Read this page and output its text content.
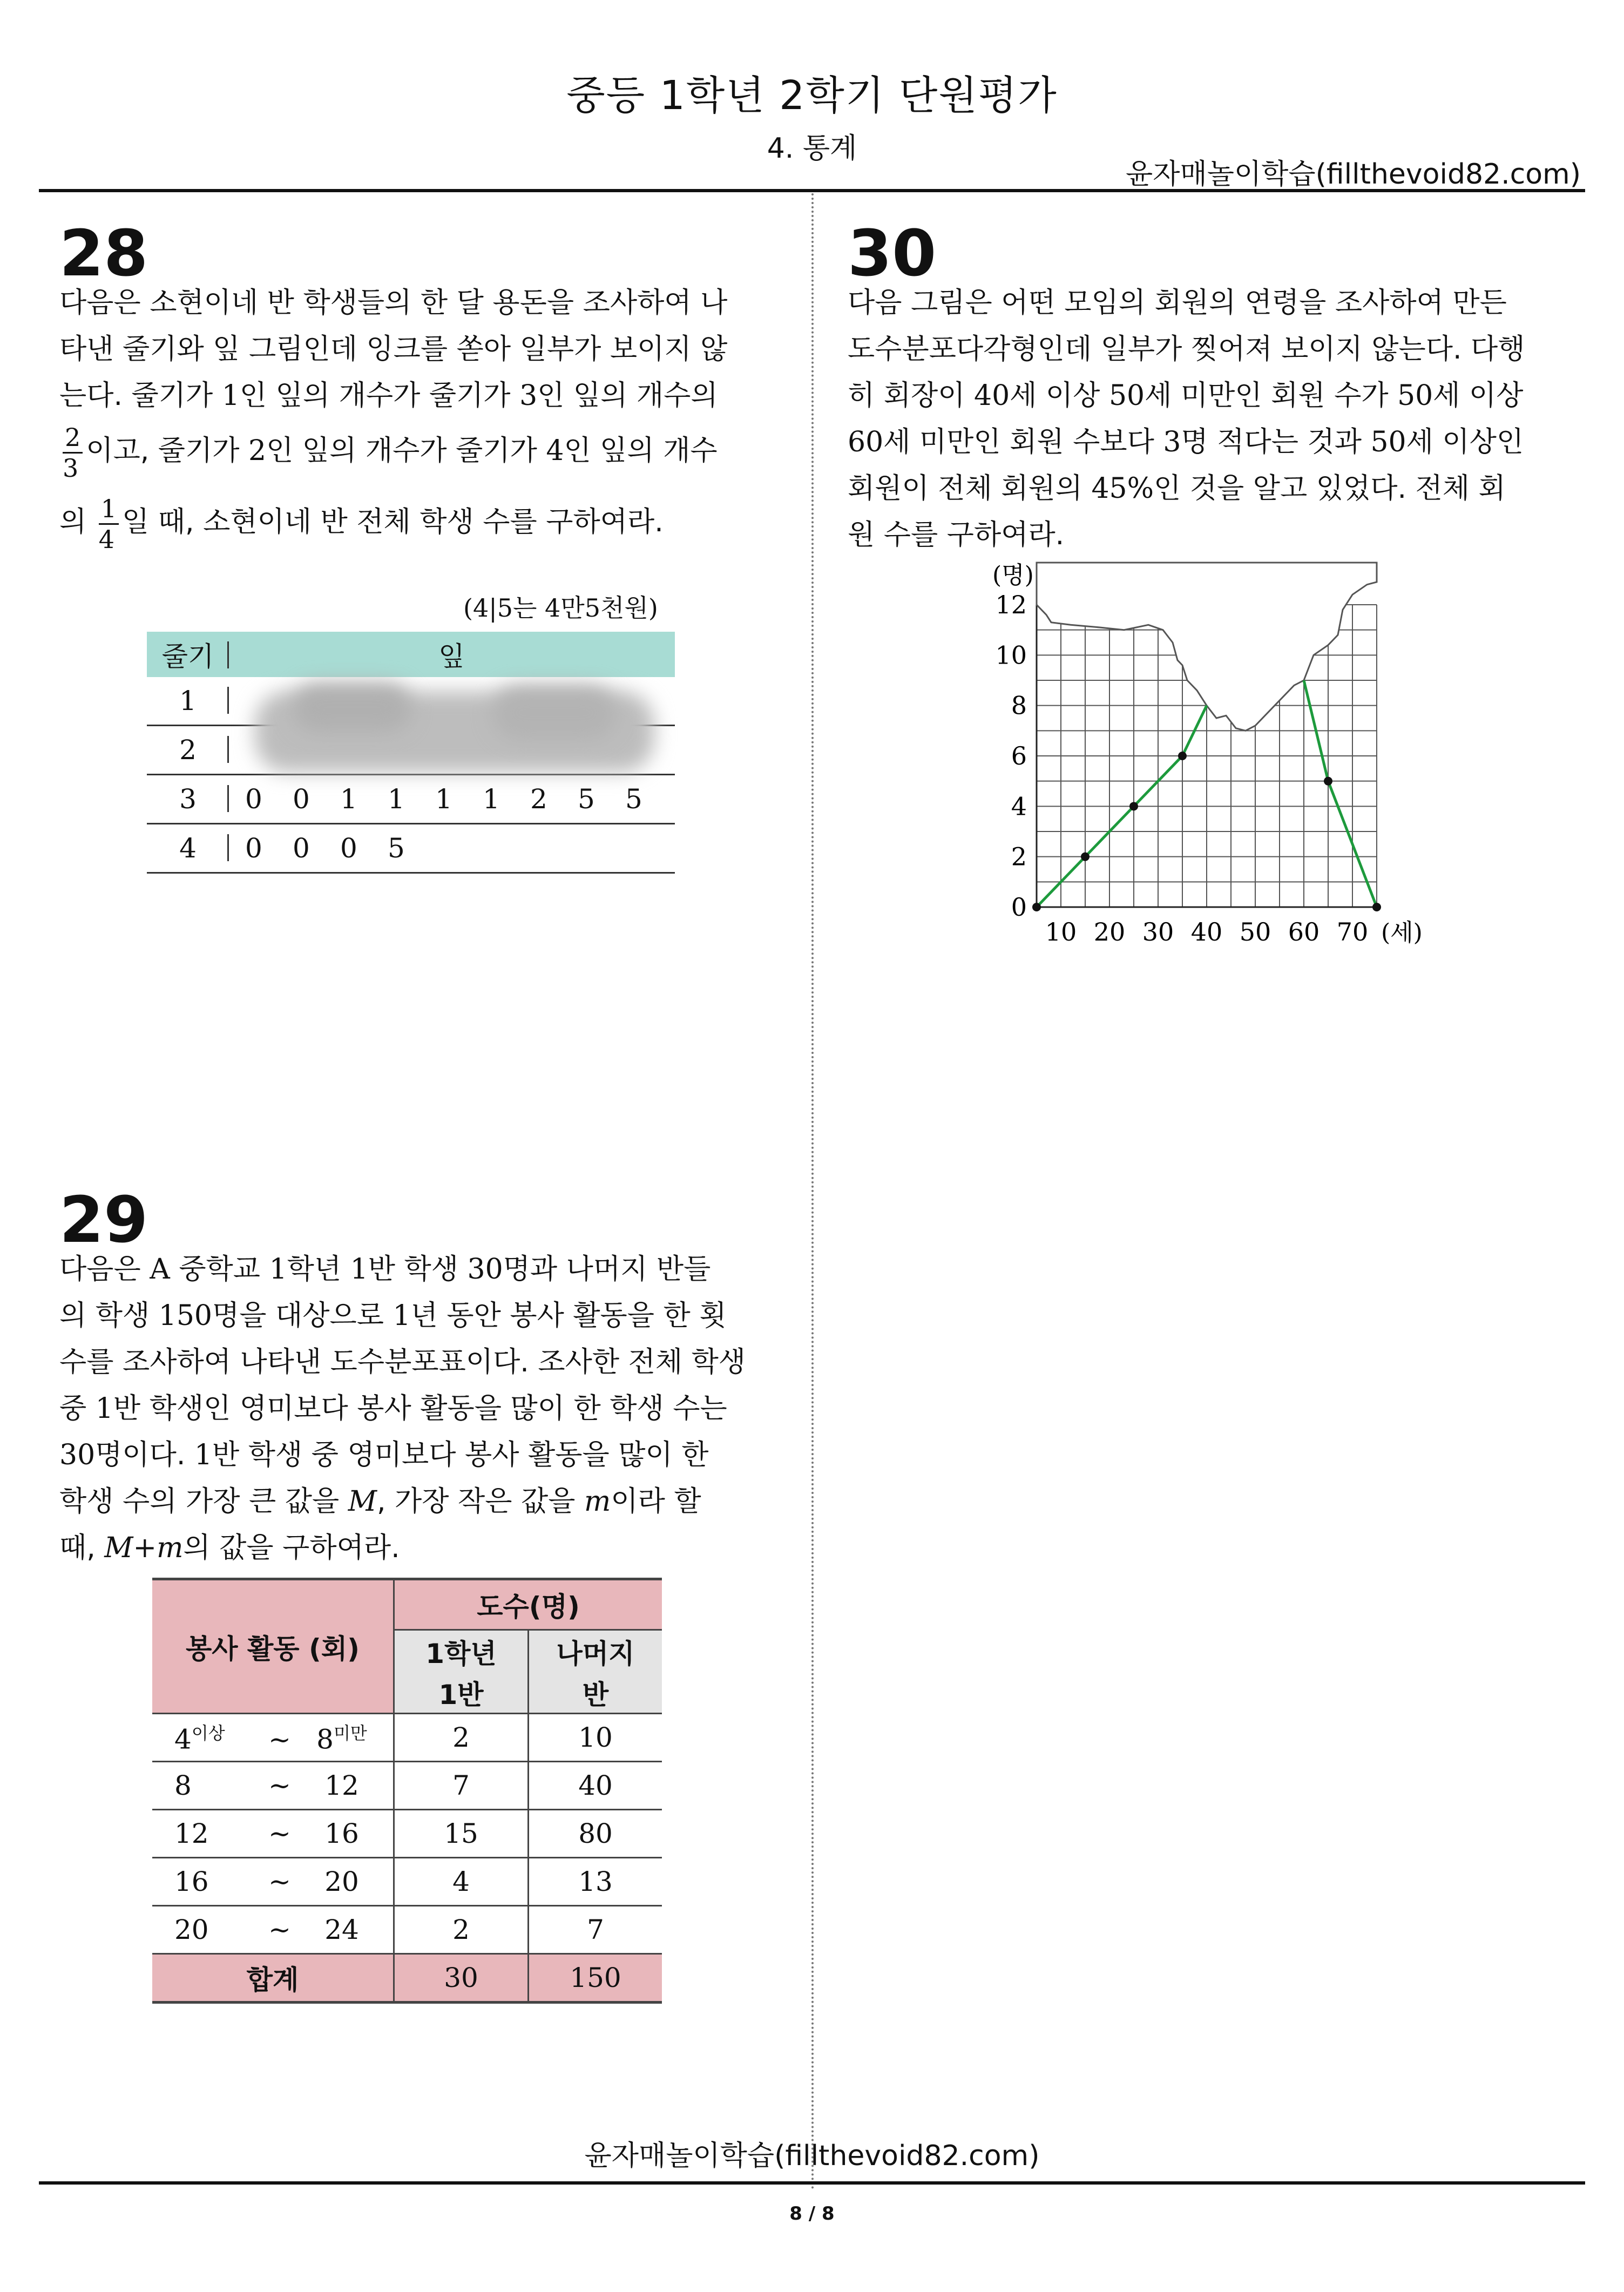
중등 1학년 2학기 단원평가
4. 통계
윤자매놀이학습(fillthevoid82.com)
28
다음은 소현이네 반 학생들의 한 달 용돈을 조사하여 나
타낸 줄기와 잎 그림인데 잉크를 쏟아 일부가 보이지 않
는다. 줄기가 1인 잎의 개수가 줄기가 3인 잎의 개수의
$\frac{2}{3}$ 이고, 줄기가 2인 잎의 개수가 줄기가 4인 잎의 개수
의 $\frac{1}{4}$ 일 때, 소현이네 반 전체 학생 수를 구하여라.
(4|5는 4만5천원)
줄기	잎
1	
2	
3	0 0 1 1 1 1 2 5 5
4	0 0 0 5
29
다음은 A 중학교 1학년 1반 학생 30명과 나머지 반들
의 학생 150명을 대상으로 1년 동안 봉사 활동을 한 횟
수를 조사하여 나타낸 도수분포표이다. 조사한 전체 학생
중 1반 학생인 영미보다 봉사 활동을 많이 한 학생 수는
30명이다. 1반 학생 중 영미보다 봉사 활동을 많이 한
학생 수의 가장 큰 값을 M, 가장 작은 값을 m이라 할
때, M+m의 값을 구하여라.
봉사 활동 (회)	도수(명)	
	1학년	나머지
	1반	반
$4^{이상}$ ~ $8^{미만}$	2	10
8 ~ 12	7	40
12 ~ 16	15	80
16 ~ 20	4	13
20 ~ 24	2	7
합계	30	150
30
다음 그림은 어떤 모임의 회원의 연령을 조사하여 만든
도수분포다각형인데 일부가 찢어져 보이지 않는다. 다행
히 회장이 40세 이상 50세 미만인 회원 수가 50세 이상
60세 미만인 회원 수보다 3명 적다는 것과 50세 이상인
회원이 전체 회원의 45%인 것을 알고 있었다. 전체 회
원 수를 구하여라.
10 20 30 40 50 60 70
0
2
4
6
8
10
12
(명)
(세)
윤자매놀이학습(fillthevoid82.com)
8 / 8
